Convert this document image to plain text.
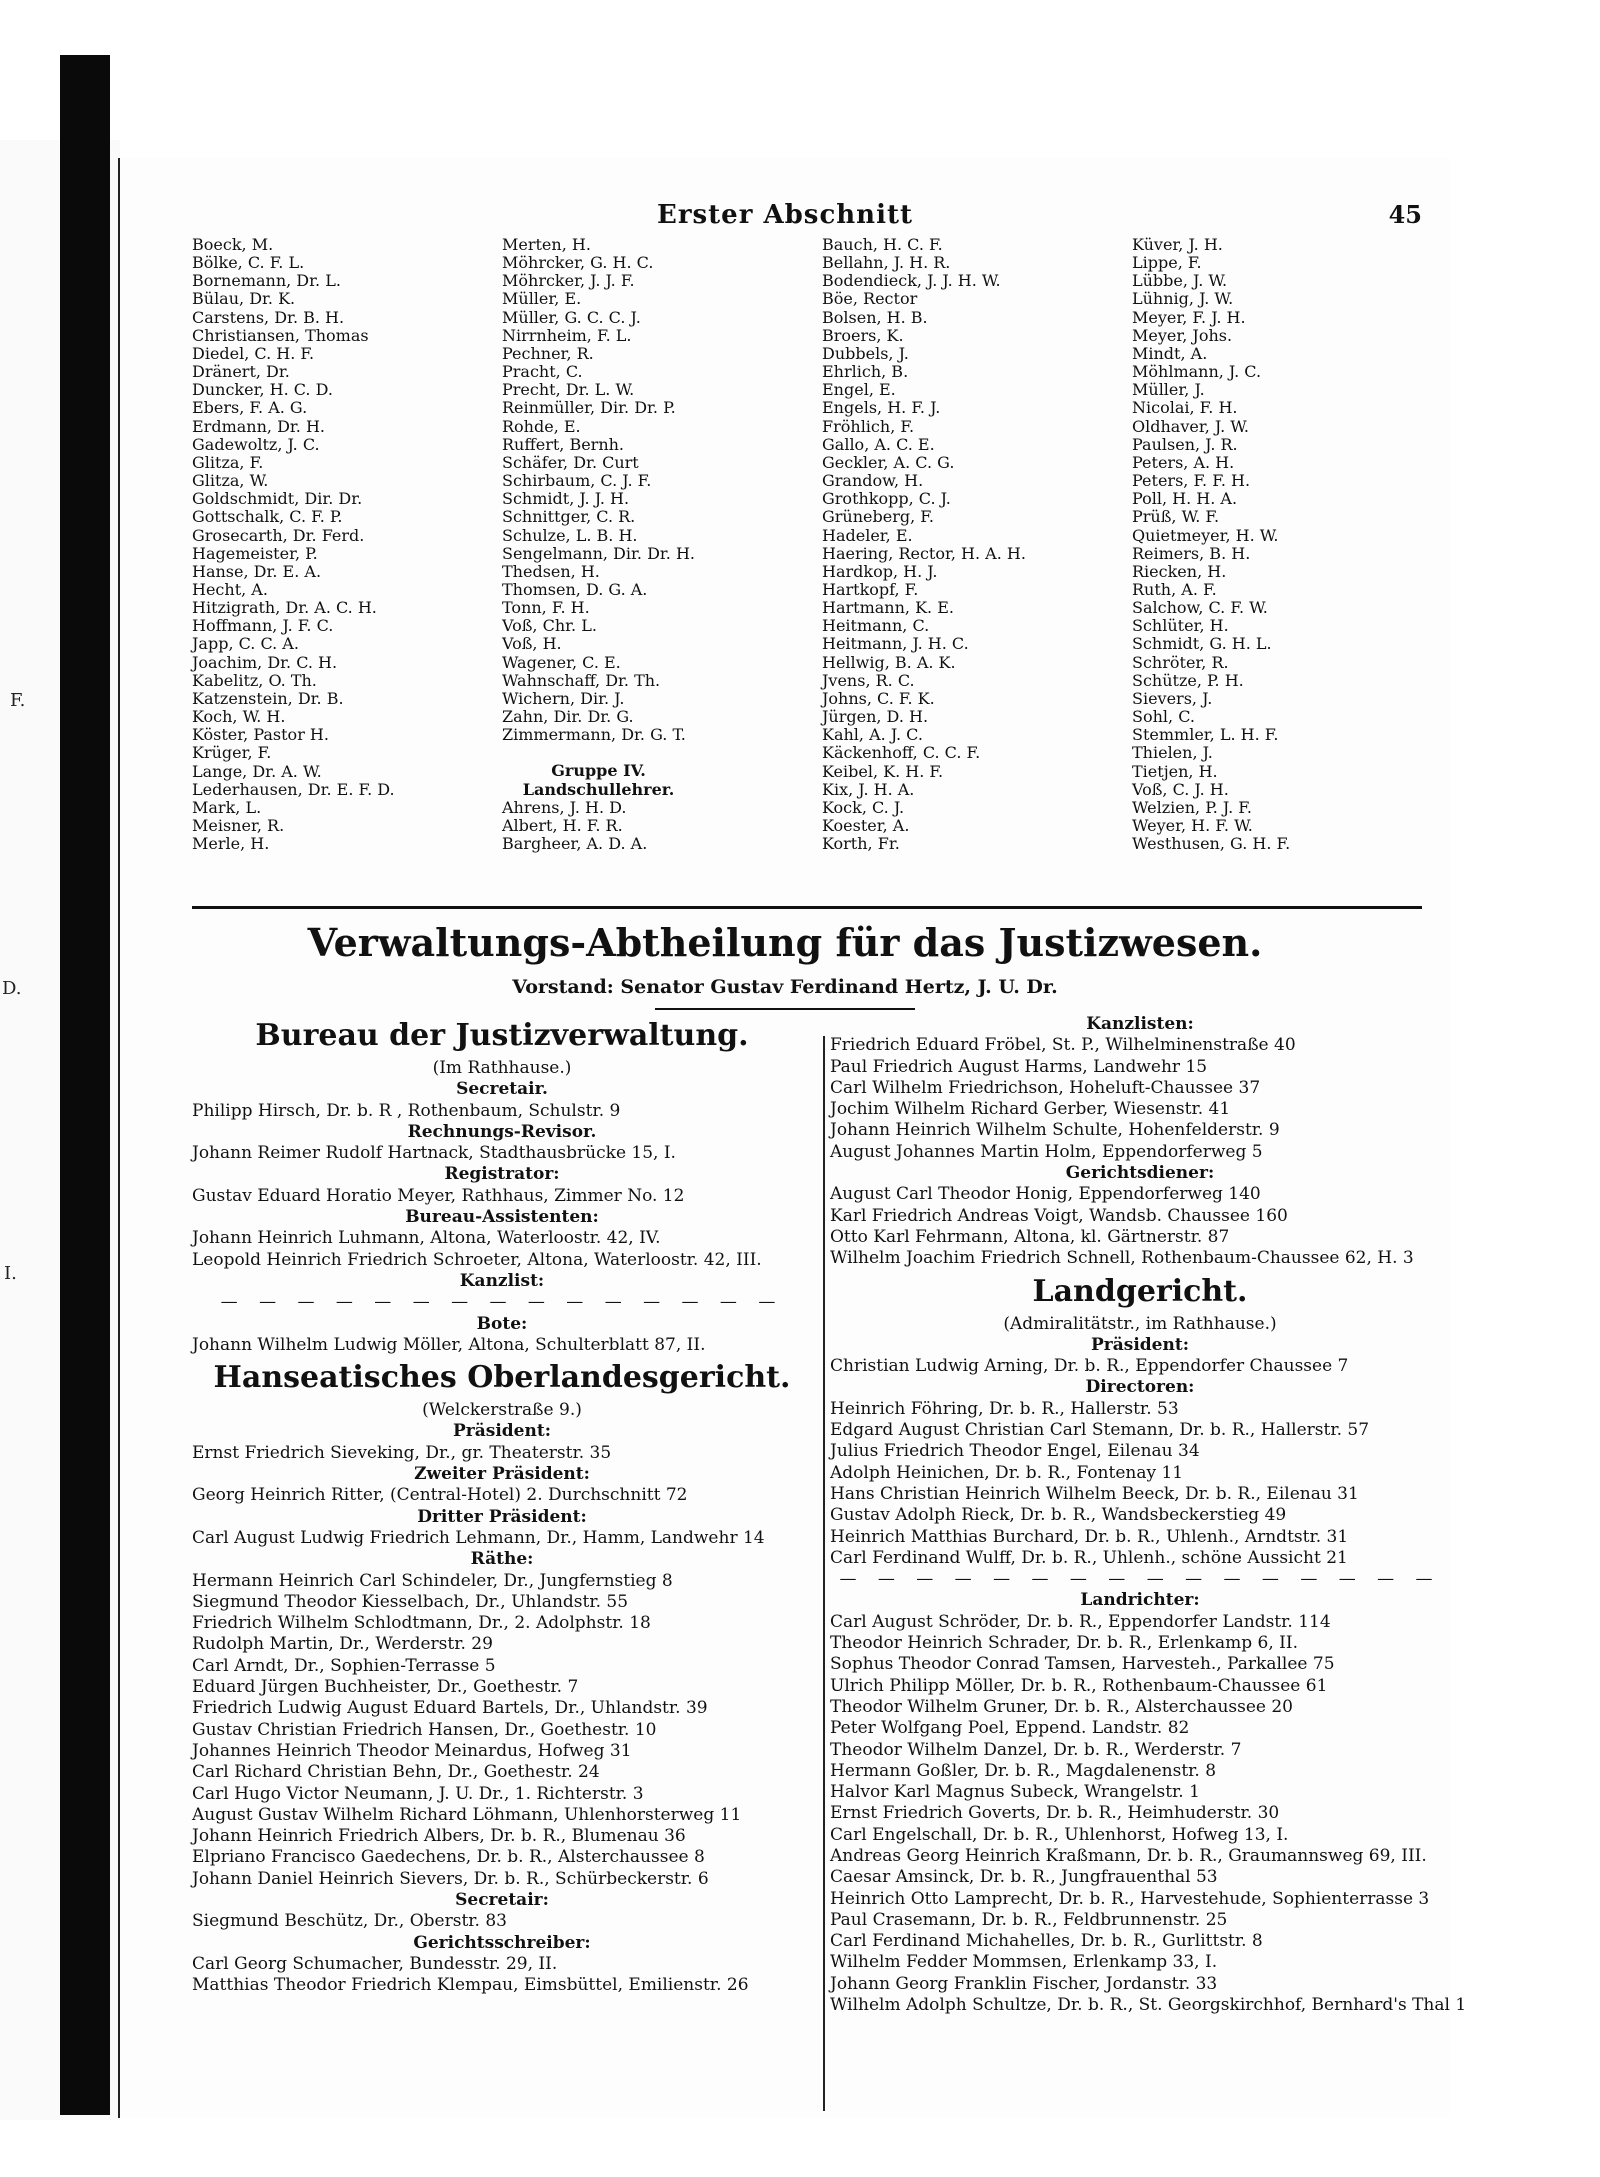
F.
D.
I.
Erster Abschnitt	45
Boeck, M.
Bölke, C. F. L.
Bornemann, Dr. L.
Bülau, Dr. K.
Carstens, Dr. B. H.
Christiansen, Thomas
Diedel, C. H. F.
Dränert, Dr.
Duncker, H. C. D.
Ebers, F. A. G.
Erdmann, Dr. H.
Gadewoltz, J. C.
Glitza, F.
Glitza, W.
Goldschmidt, Dir. Dr.
Gottschalk, C. F. P.
Grosecarth, Dr. Ferd.
Hagemeister, P.
Hanse, Dr. E. A.
Hecht, A.
Hitzigrath, Dr. A. C. H.
Hoffmann, J. F. C.
Japp, C. C. A.
Joachim, Dr. C. H.
Kabelitz, O. Th.
Katzenstein, Dr. B.
Koch, W. H.
Köster, Pastor H.
Krüger, F.
Lange, Dr. A. W.
Lederhausen, Dr. E. F. D.
Mark, L.
Meisner, R.
Merle, H.
Merten, H.
Möhrcker, G. H. C.
Möhrcker, J. J. F.
Müller, E.
Müller, G. C. C. J.
Nirrnheim, F. L.
Pechner, R.
Pracht, C.
Precht, Dr. L. W.
Reinmüller, Dir. Dr. P.
Rohde, E.
Ruffert, Bernh.
Schäfer, Dr. Curt
Schirbaum, C. J. F.
Schmidt, J. J. H.
Schnittger, C. R.
Schulze, L. B. H.
Sengelmann, Dir. Dr. H.
Thedsen, H.
Thomsen, D. G. A.
Tonn, F. H.
Voß, Chr. L.
Voß, H.
Wagener, C. E.
Wahnschaff, Dr. Th.
Wichern, Dir. J.
Zahn, Dir. Dr. G.
Zimmermann, Dr. G. T.
Gruppe IV.
Landschullehrer.
Ahrens, J. H. D.
Albert, H. F. R.
Bargheer, A. D. A.
Bauch, H. C. F.
Bellahn, J. H. R.
Bodendieck, J. J. H. W.
Böe, Rector
Bolsen, H. B.
Broers, K.
Dubbels, J.
Ehrlich, B.
Engel, E.
Engels, H. F. J.
Fröhlich, F.
Gallo, A. C. E.
Geckler, A. C. G.
Grandow, H.
Grothkopp, C. J.
Grüneberg, F.
Hadeler, E.
Haering, Rector, H. A. H.
Hardkop, H. J.
Hartkopf, F.
Hartmann, K. E.
Heitmann, C.
Heitmann, J. H. C.
Hellwig, B. A. K.
Jvens, R. C.
Johns, C. F. K.
Jürgen, D. H.
Kahl, A. J. C.
Käckenhoff, C. C. F.
Keibel, K. H. F.
Kix, J. H. A.
Kock, C. J.
Koester, A.
Korth, Fr.
Küver, J. H.
Lippe, F.
Lübbe, J. W.
Lühnig, J. W.
Meyer, F. J. H.
Meyer, Johs.
Mindt, A.
Möhlmann, J. C.
Müller, J.
Nicolai, F. H.
Oldhaver, J. W.
Paulsen, J. R.
Peters, A. H.
Peters, F. F. H.
Poll, H. H. A.
Prüß, W. F.
Quietmeyer, H. W.
Reimers, B. H.
Riecken, H.
Ruth, A. F.
Salchow, C. F. W.
Schlüter, H.
Schmidt, G. H. L.
Schröter, R.
Schütze, P. H.
Sievers, J.
Sohl, C.
Stemmler, L. H. F.
Thielen, J.
Tietjen, H.
Voß, C. J. H.
Welzien, P. J. F.
Weyer, H. F. W.
Westhusen, G. H. F.
Verwaltungs-Abtheilung für das Justizwesen.
Vorstand: Senator Gustav Ferdinand Hertz, J. U. Dr.
Bureau der Justizverwaltung.
(Im Rathhause.)
Secretair.
Philipp Hirsch, Dr. b. R , Rothenbaum, Schulstr. 9
Rechnungs-Revisor.
Johann Reimer Rudolf Hartnack, Stadthausbrücke 15, I.
Registrator:
Gustav Eduard Horatio Meyer, Rathhaus, Zimmer No. 12
Bureau-Assistenten:
Johann Heinrich Luhmann, Altona, Waterloostr. 42, IV.
Leopold Heinrich Friedrich Schroeter, Altona, Waterloostr. 42, III.
Kanzlist:
— — — — — — — — — — — — — — —
Bote:
Johann Wilhelm Ludwig Möller, Altona, Schulterblatt 87, II.
Hanseatisches Oberlandesgericht.
(Welckerstraße 9.)
Präsident:
Ernst Friedrich Sieveking, Dr., gr. Theaterstr. 35
Zweiter Präsident:
Georg Heinrich Ritter, (Central-Hotel) 2. Durchschnitt 72
Dritter Präsident:
Carl August Ludwig Friedrich Lehmann, Dr., Hamm, Landwehr 14
Räthe:
Hermann Heinrich Carl Schindeler, Dr., Jungfernstieg 8
Siegmund Theodor Kiesselbach, Dr., Uhlandstr. 55
Friedrich Wilhelm Schlodtmann, Dr., 2. Adolphstr. 18
Rudolph Martin, Dr., Werderstr. 29
Carl Arndt, Dr., Sophien-Terrasse 5
Eduard Jürgen Buchheister, Dr., Goethestr. 7
Friedrich Ludwig August Eduard Bartels, Dr., Uhlandstr. 39
Gustav Christian Friedrich Hansen, Dr., Goethestr. 10
Johannes Heinrich Theodor Meinardus, Hofweg 31
Carl Richard Christian Behn, Dr., Goethestr. 24
Carl Hugo Victor Neumann, J. U. Dr., 1. Richterstr. 3
August Gustav Wilhelm Richard Löhmann, Uhlenhorsterweg 11
Johann Heinrich Friedrich Albers, Dr. b. R., Blumenau 36
Elpriano Francisco Gaedechens, Dr. b. R., Alsterchaussee 8
Johann Daniel Heinrich Sievers, Dr. b. R., Schürbeckerstr. 6
Secretair:
Siegmund Beschütz, Dr., Oberstr. 83
Gerichtsschreiber:
Carl Georg Schumacher, Bundesstr. 29, II.
Matthias Theodor Friedrich Klempau, Eimsbüttel, Emilienstr. 26
Kanzlisten:
Friedrich Eduard Fröbel, St. P., Wilhelminenstraße 40
Paul Friedrich August Harms, Landwehr 15
Carl Wilhelm Friedrichson, Hoheluft-Chaussee 37
Jochim Wilhelm Richard Gerber, Wiesenstr. 41
Johann Heinrich Wilhelm Schulte, Hohenfelderstr. 9
August Johannes Martin Holm, Eppendorferweg 5
Gerichtsdiener:
August Carl Theodor Honig, Eppendorferweg 140
Karl Friedrich Andreas Voigt, Wandsb. Chaussee 160
Otto Karl Fehrmann, Altona, kl. Gärtnerstr. 87
Wilhelm Joachim Friedrich Schnell, Rothenbaum-Chaussee 62, H. 3
Landgericht.
(Admiralitätstr., im Rathhause.)
Präsident:
Christian Ludwig Arning, Dr. b. R., Eppendorfer Chaussee 7
Directoren:
Heinrich Föhring, Dr. b. R., Hallerstr. 53
Edgard August Christian Carl Stemann, Dr. b. R., Hallerstr. 57
Julius Friedrich Theodor Engel, Eilenau 34
Adolph Heinichen, Dr. b. R., Fontenay 11
Hans Christian Heinrich Wilhelm Beeck, Dr. b. R., Eilenau 31
Gustav Adolph Rieck, Dr. b. R., Wandsbeckerstieg 49
Heinrich Matthias Burchard, Dr. b. R., Uhlenh., Arndtstr. 31
Carl Ferdinand Wulff, Dr. b. R., Uhlenh., schöne Aussicht 21
— — — — — — — — — — — — — — — —
Landrichter:
Carl August Schröder, Dr. b. R., Eppendorfer Landstr. 114
Theodor Heinrich Schrader, Dr. b. R., Erlenkamp 6, II.
Sophus Theodor Conrad Tamsen, Harvesteh., Parkallee 75
Ulrich Philipp Möller, Dr. b. R., Rothenbaum-Chaussee 61
Theodor Wilhelm Gruner, Dr. b. R., Alsterchaussee 20
Peter Wolfgang Poel, Eppend. Landstr. 82
Theodor Wilhelm Danzel, Dr. b. R., Werderstr. 7
Hermann Goßler, Dr. b. R., Magdalenenstr. 8
Halvor Karl Magnus Subeck, Wrangelstr. 1
Ernst Friedrich Goverts, Dr. b. R., Heimhuderstr. 30
Carl Engelschall, Dr. b. R., Uhlenhorst, Hofweg 13, I.
Andreas Georg Heinrich Kraßmann, Dr. b. R., Graumannsweg 69, III.
Caesar Amsinck, Dr. b. R., Jungfrauenthal 53
Heinrich Otto Lamprecht, Dr. b. R., Harvestehude, Sophienterrasse 3
Paul Crasemann, Dr. b. R., Feldbrunnenstr. 25
Carl Ferdinand Michahelles, Dr. b. R., Gurlittstr. 8
Wilhelm Fedder Mommsen, Erlenkamp 33, I.
Johann Georg Franklin Fischer, Jordanstr. 33
Wilhelm Adolph Schultze, Dr. b. R., St. Georgskirchhof, Bernhard's Thal 1
